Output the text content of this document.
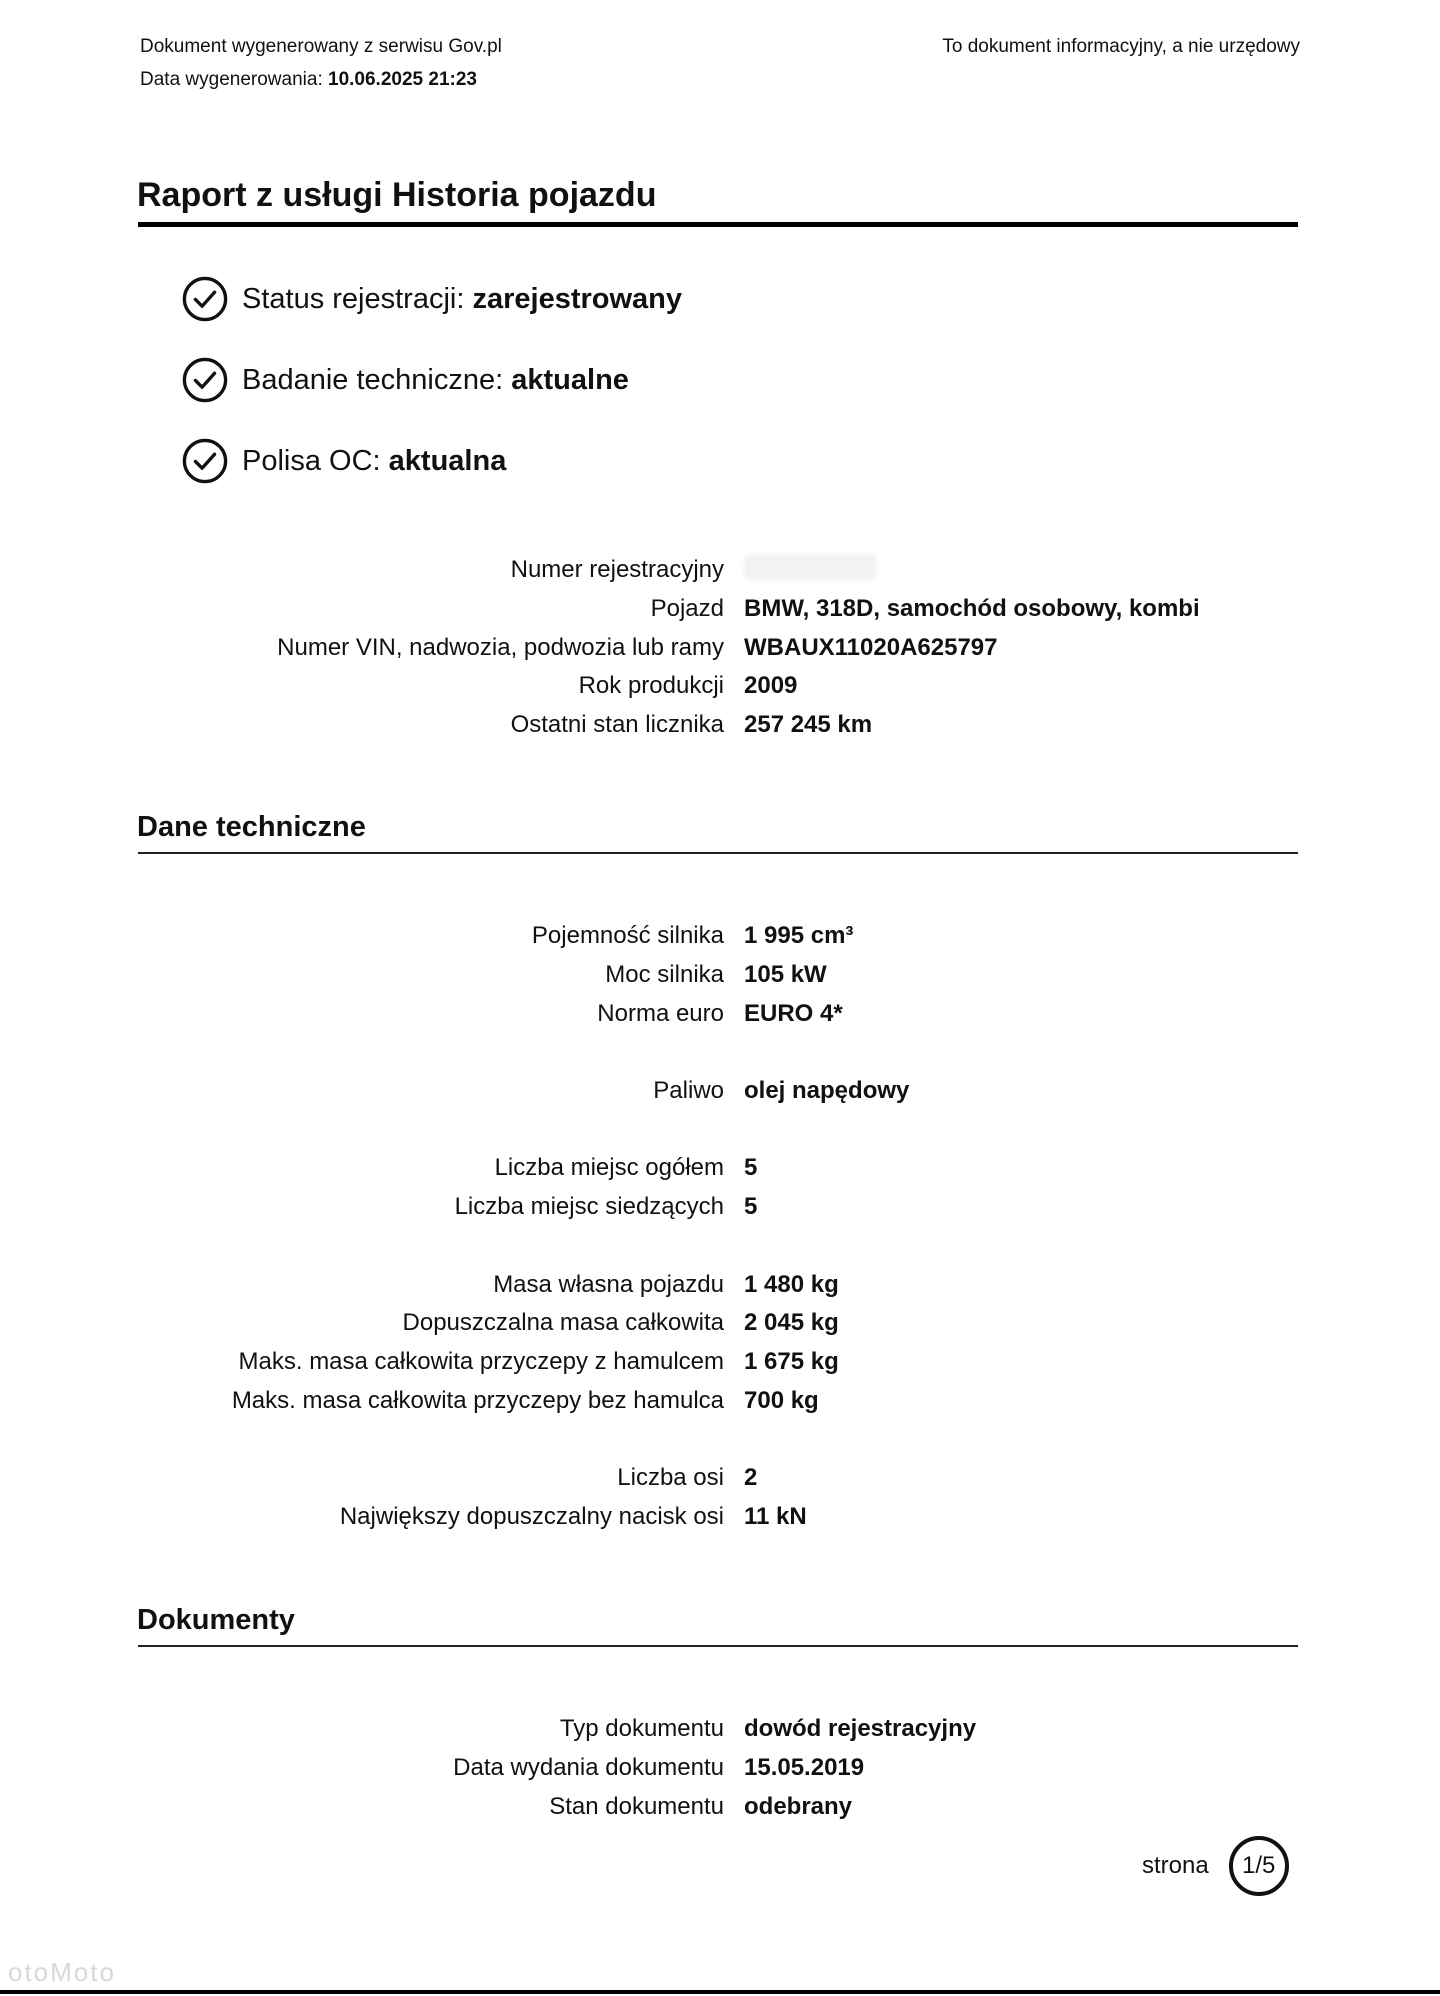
Dokument wygenerowany z serwisu Gov.pl
Data wygenerowania: 10.06.2025 21:23
To dokument informacyjny, a nie urzędowy
Raport z usługi Historia pojazdu
Status rejestracji:
zarejestrowany
Badanie techniczne:
aktualne
Polisa OC:
aktualna
Numer rejestracyjny
Pojazd BMW, 318D, samochód osobowy, kombi
Numer VIN, nadwozia, podwozia lub ramy WBAUX11020A625797
Rok produkcji 2009
Ostatni stan licznika 257 245 km
Dane techniczne
Pojemność silnika 1 995 cm³
Moc silnika 105 kW
Norma euro EURO 4*
Paliwo olej napędowy
Liczba miejsc ogółem 5
Liczba miejsc siedzących 5
Masa własna pojazdu 1 480 kg
Dopuszczalna masa całkowita 2 045 kg
Maks. masa całkowita przyczepy z hamulcem 1 675 kg
Maks. masa całkowita przyczepy bez hamulca 700 kg
Liczba osi 2
Największy dopuszczalny nacisk osi 11 kN
Dokumenty
Typ dokumentu dowód rejestracyjny
Data wydania dokumentu 15.05.2019
Stan dokumentu odebrany
strona	1/5
otoMoto
